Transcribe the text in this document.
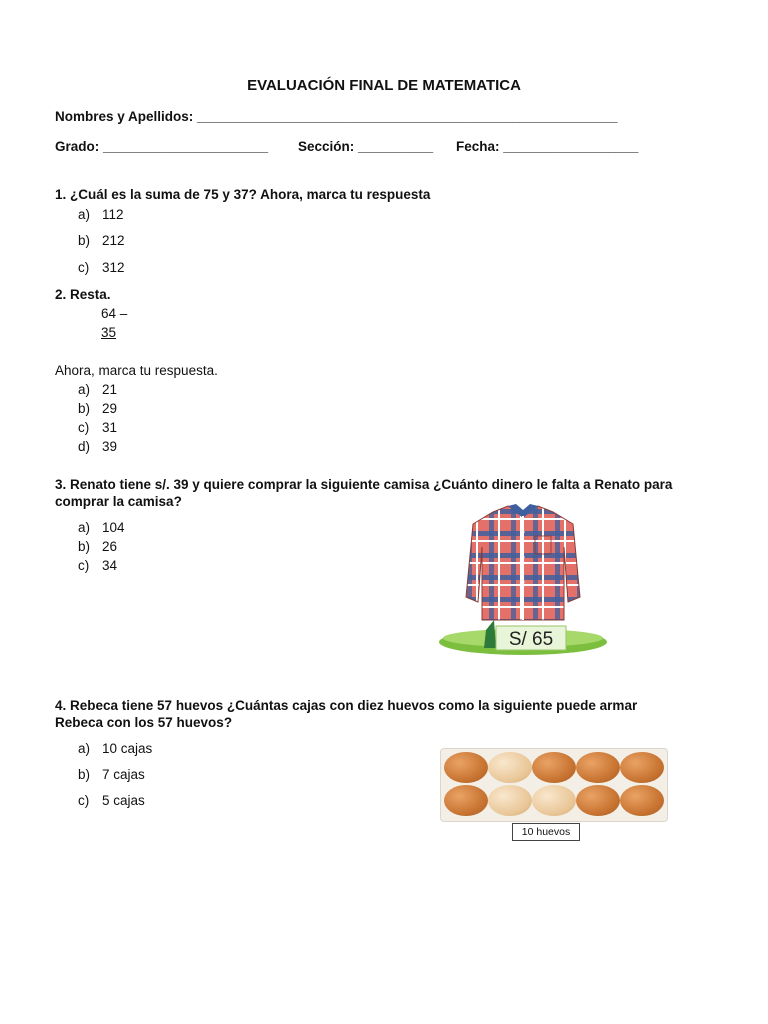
EVALUACIÓN FINAL DE MATEMATICA
Nombres y Apellidos: ________________________________________________________
Grado: ______________________ Sección: __________ Fecha: __________________
1. ¿Cuál es la suma de 75 y 37? Ahora, marca tu respuesta
a) 112
b) 212
c) 312
2. Resta.
64 –
35
Ahora, marca tu respuesta.
a) 21
b) 29
c) 31
d) 39
3. Renato tiene s/. 39 y quiere comprar la siguiente camisa ¿Cuánto dinero le falta a Renato para
comprar la camisa?
a) 104
b) 26
c) 34
S/ 65
4. Rebeca tiene 57 huevos ¿Cuántas cajas con diez huevos como la siguiente puede armar
Rebeca con los 57 huevos?
a) 10 cajas
b) 7 cajas
c) 5 cajas
10 huevos
